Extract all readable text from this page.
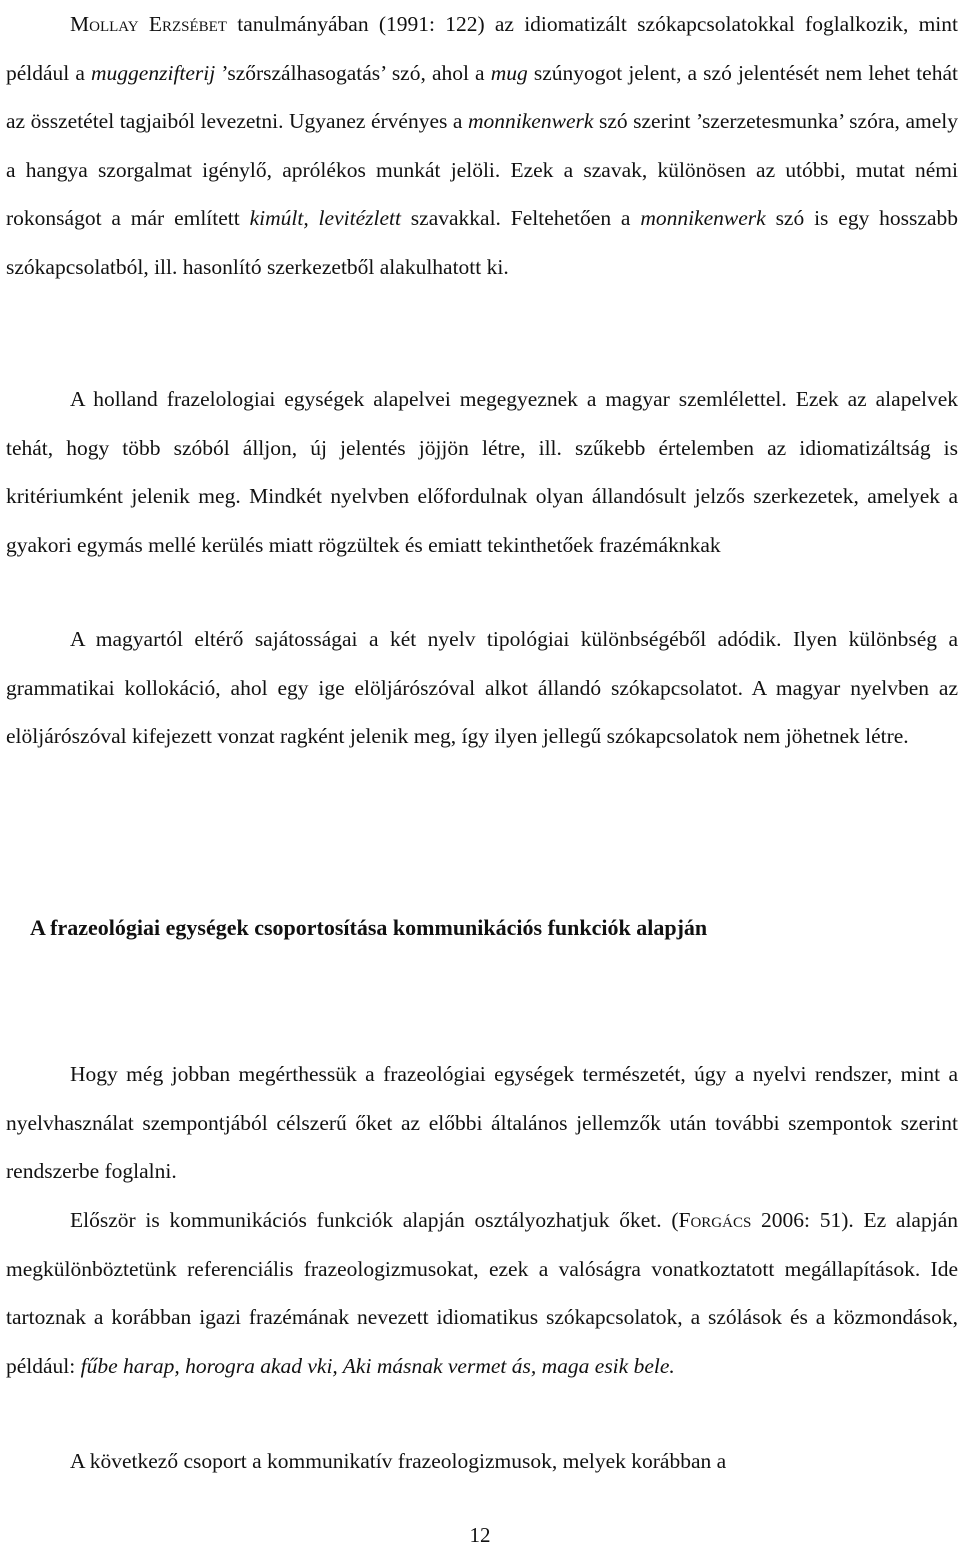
Mollay Erzsébet tanulmányában (1991: 122) az idiomatizált szókapcsolatokkal foglalkozik, mint például a muggenzifterij ’szőrszálhasogatás’ szó, ahol a mug szúnyogot jelent, a szó jelentését nem lehet tehát az összetétel tagjaiból levezetni. Ugyanez érvényes a monnikenwerk szó szerint ’szerzetesmunka’ szóra, amely a hangya szorgalmat igénylő, aprólékos munkát jelöli. Ezek a szavak, különösen az utóbbi, mutat némi rokonságot a már említett kimúlt, levitézlett szavakkal. Feltehetően a monnikenwerk szó is egy hosszabb szókapcsolatból, ill. hasonlító szerkezetből alakulhatott ki.

A holland frazelologiai egységek alapelvei megegyeznek a magyar szemlélettel. Ezek az alapelvek tehát, hogy több szóból álljon, új jelentés jöjjön létre, ill. szűkebb értelemben az idiomatizáltság is kritériumként jelenik meg. Mindkét nyelvben előfordulnak olyan állandósult jelzős szerkezetek, amelyek a gyakori egymás mellé kerülés miatt rögzültek és emiatt tekinthetőek frazémáknkak

A magyartól eltérő sajátosságai a két nyelv tipológiai különbségéből adódik. Ilyen különbség a grammatikai kollokáció, ahol egy ige elöljárószóval alkot állandó szókapcsolatot. A magyar nyelvben az elöljárószóval kifejezett vonzat ragként jelenik meg, így ilyen jellegű szókapcsolatok nem jöhetnek létre.

A frazeológiai egységek csoportosítása kommunikációs funkciók alapján

Hogy még jobban megérthessük a frazeológiai egységek természetét, úgy a nyelvi rendszer, mint a nyelvhasználat szempontjából célszerű őket az előbbi általános jellemzők után további szempontok szerint rendszerbe foglalni.

Először is kommunikációs funkciók alapján osztályozhatjuk őket. (Forgács 2006: 51). Ez alapján megkülönböztetünk referenciális frazeologizmusokat, ezek a valóságra vonatkoztatott megállapítások. Ide tartoznak a korábban igazi frazémának nevezett idiomatikus szókapcsolatok, a szólások és a közmondások, például: fűbe harap, horogra akad vki, Aki másnak vermet ás, maga esik bele.

A következő csoport a kommunikatív frazeologizmusok, melyek korábban a

12
